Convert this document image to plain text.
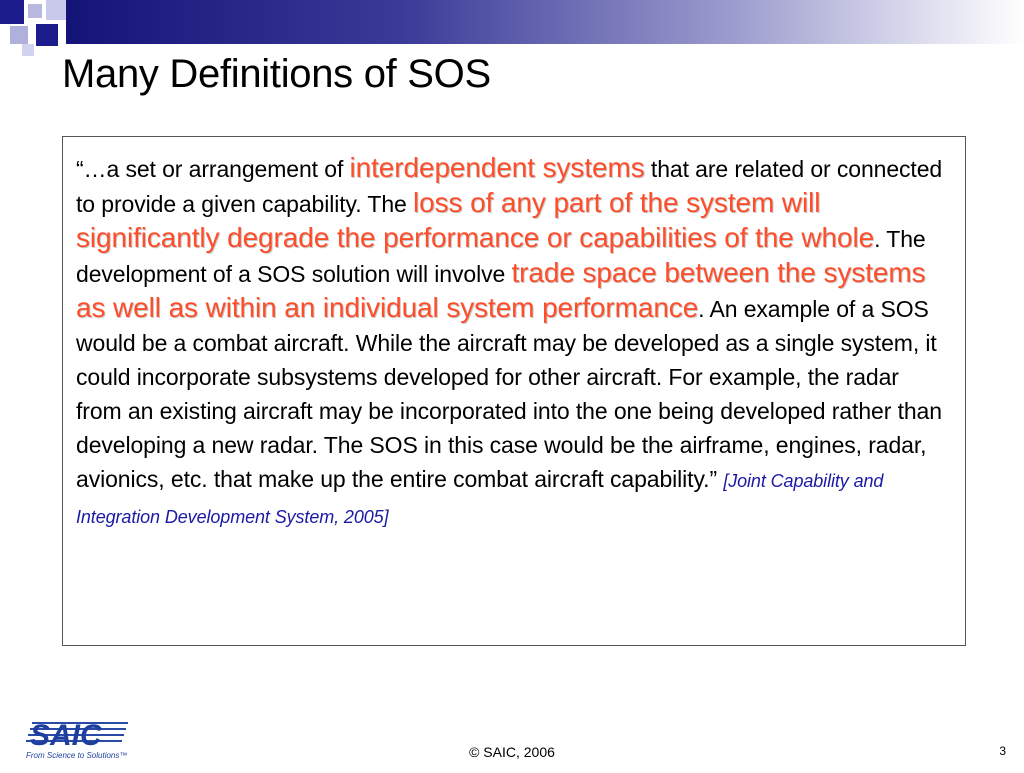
Many Definitions of SOS

“…a set or arrangement of interdependent systems that are related or connected to provide a given capability. The loss of any part of the system will significantly degrade the performance or capabilities of the whole. The development of a SOS solution will involve trade space between the systems as well as within an individual system performance. An example of a SOS would be a combat aircraft. While the aircraft may be developed as a single system, it could incorporate subsystems developed for other aircraft. For example, the radar from an existing aircraft may be incorporated into the one being developed rather than developing a new radar. The SOS in this case would be the airframe, engines, radar, avionics, etc. that make up the entire combat aircraft capability.” [Joint Capability and Integration Development System, 2005]

SAIC
From Science to Solutions™	© SAIC, 2006	3
